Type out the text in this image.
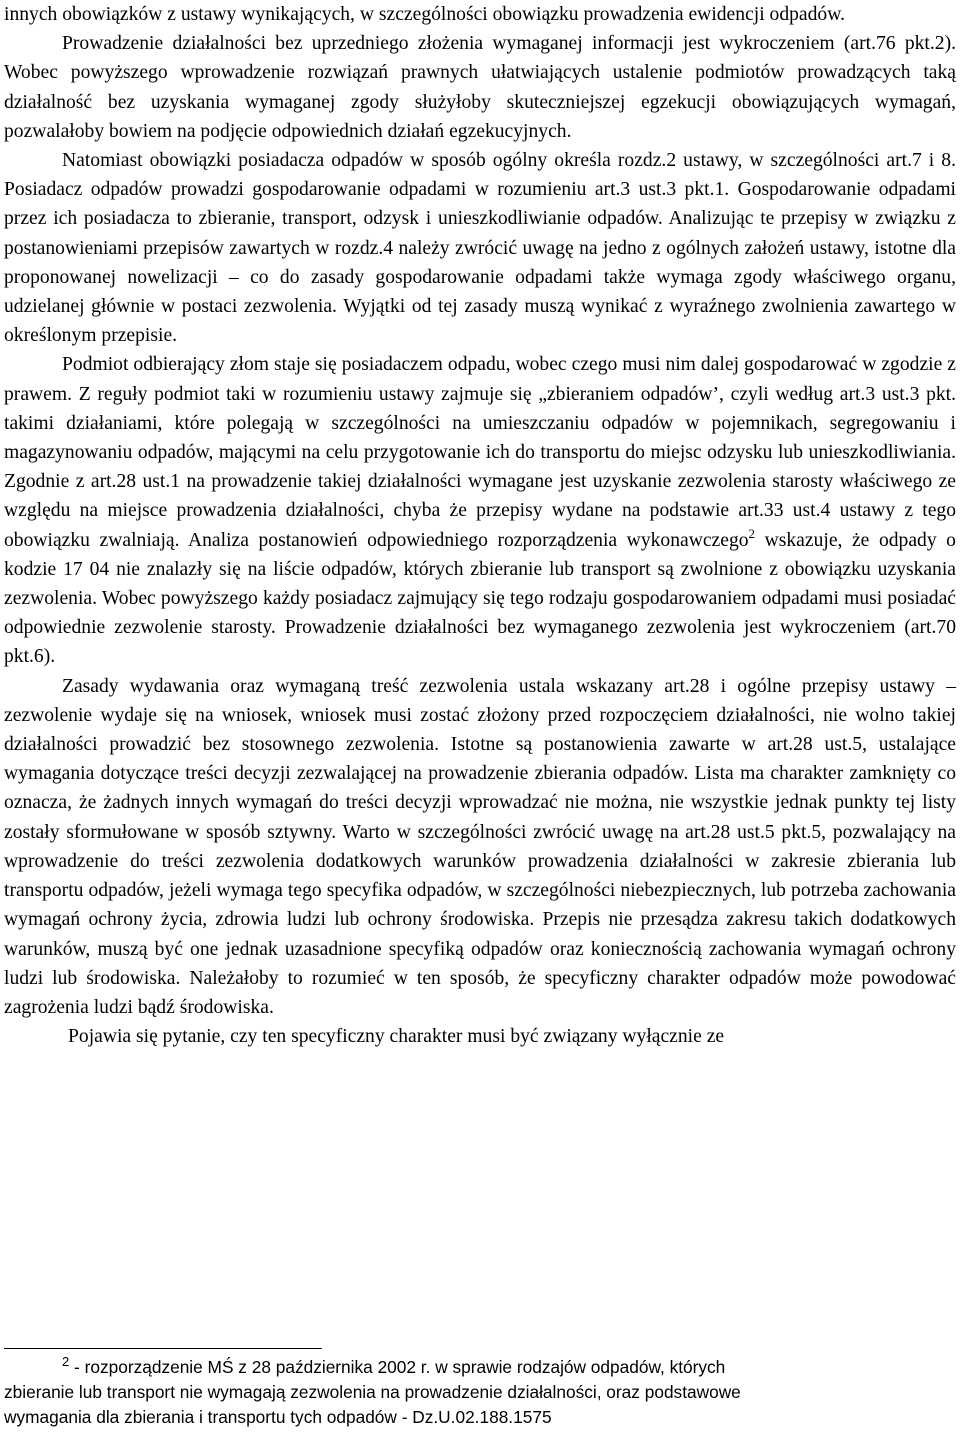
innych obowiązków z ustawy wynikających, w szczególności obowiązku prowadzenia ewidencji odpadów.

Prowadzenie działalności bez uprzedniego złożenia wymaganej informacji jest wykroczeniem (art.76 pkt.2). Wobec powyższego wprowadzenie rozwiązań prawnych ułatwiających ustalenie podmiotów prowadzących taką działalność bez uzyskania wymaganej zgody służyłoby skuteczniejszej egzekucji obowiązujących wymagań, pozwalałoby bowiem na podjęcie odpowiednich działań egzekucyjnych.

Natomiast obowiązki posiadacza odpadów w sposób ogólny określa rozdz.2 ustawy, w szczególności art.7 i 8. Posiadacz odpadów prowadzi gospodarowanie odpadami w rozumieniu art.3 ust.3 pkt.1. Gospodarowanie odpadami przez ich posiadacza to zbieranie, transport, odzysk i unieszkodliwianie odpadów. Analizując te przepisy w związku z postanowieniami przepisów zawartych w rozdz.4 należy zwrócić uwagę na jedno z ogólnych założeń ustawy, istotne dla proponowanej nowelizacji – co do zasady gospodarowanie odpadami także wymaga zgody właściwego organu, udzielanej głównie w postaci zezwolenia. Wyjątki od tej zasady muszą wynikać z wyraźnego zwolnienia zawartego w określonym przepisie.

Podmiot odbierający złom staje się posiadaczem odpadu, wobec czego musi nim dalej gospodarować w zgodzie z prawem. Z reguły podmiot taki w rozumieniu ustawy zajmuje się „zbieraniem odpadów’, czyli według art.3 ust.3 pkt. takimi działaniami, które polegają w szczególności na umieszczaniu odpadów w pojemnikach, segregowaniu i magazynowaniu odpadów, mającymi na celu przygotowanie ich do transportu do miejsc odzysku lub unieszkodliwiania. Zgodnie z art.28 ust.1 na prowadzenie takiej działalności wymagane jest uzyskanie zezwolenia starosty właściwego ze względu na miejsce prowadzenia działalności, chyba że przepisy wydane na podstawie art.33 ust.4 ustawy z tego obowiązku zwalniają. Analiza postanowień odpowiedniego rozporządzenia wykonawczego$^2$ wskazuje, że odpady o kodzie 17 04 nie znalazły się na liście odpadów, których zbieranie lub transport są zwolnione z obowiązku uzyskania zezwolenia. Wobec powyższego każdy posiadacz zajmujący się tego rodzaju gospodarowaniem odpadami musi posiadać odpowiednie zezwolenie starosty. Prowadzenie działalności bez wymaganego zezwolenia jest wykroczeniem (art.70 pkt.6).

Zasady wydawania oraz wymaganą treść zezwolenia ustala wskazany art.28 i ogólne przepisy ustawy – zezwolenie wydaje się na wniosek, wniosek musi zostać złożony przed rozpoczęciem działalności, nie wolno takiej działalności prowadzić bez stosownego zezwolenia. Istotne są postanowienia zawarte w art.28 ust.5, ustalające wymagania dotyczące treści decyzji zezwalającej na prowadzenie zbierania odpadów. Lista ma charakter zamknięty co oznacza, że żadnych innych wymagań do treści decyzji wprowadzać nie można, nie wszystkie jednak punkty tej listy zostały sformułowane w sposób sztywny. Warto w szczególności zwrócić uwagę na art.28 ust.5 pkt.5, pozwalający na wprowadzenie do treści zezwolenia dodatkowych warunków prowadzenia działalności w zakresie zbierania lub transportu odpadów, jeżeli wymaga tego specyfika odpadów, w szczególności niebezpiecznych, lub potrzeba zachowania wymagań ochrony życia, zdrowia ludzi lub ochrony środowiska. Przepis nie przesądza zakresu takich dodatkowych warunków, muszą być one jednak uzasadnione specyfiką odpadów oraz koniecznością zachowania wymagań ochrony ludzi lub środowiska. Należałoby to rozumieć w ten sposób, że specyficzny charakter odpadów może powodować zagrożenia ludzi bądź środowiska.

Pojawia się pytanie, czy ten specyficzny charakter musi być związany wyłącznie ze

$^2$ - rozporządzenie MŚ z 28 października 2002 r. w sprawie rodzajów odpadów, których
zbieranie lub transport nie wymagają zezwolenia na prowadzenie działalności, oraz podstawowe
wymagania dla zbierania i transportu tych odpadów - Dz.U.02.188.1575
